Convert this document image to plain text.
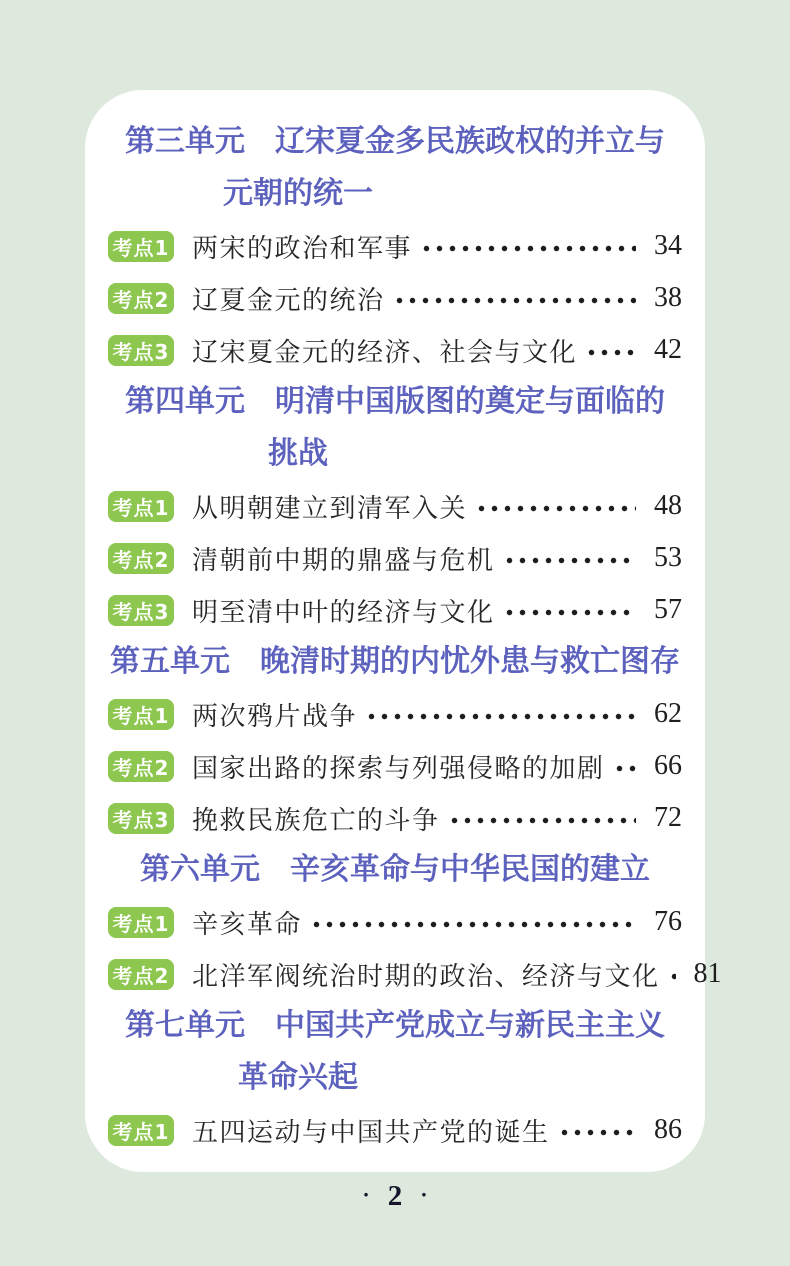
第三单元　辽宋夏金多民族政权的并立与
元朝的统一
考点1 两宋的政治和军事	34
考点2 辽夏金元的统治	38
考点3 辽宋夏金元的经济、社会与文化	42
第四单元　明清中国版图的奠定与面临的
挑战
考点1 从明朝建立到清军入关	48
考点2 清朝前中期的鼎盛与危机	53
考点3 明至清中叶的经济与文化	57
第五单元　晚清时期的内忧外患与救亡图存
考点1 两次鸦片战争	62
考点2 国家出路的探索与列强侵略的加剧 66
考点3 挽救民族危亡的斗争	72
第六单元　辛亥革命与中华民国的建立
考点1 辛亥革命	76
考点2 北洋军阀统治时期的政治、经济与文化 81
第七单元　中国共产党成立与新民主主义
革命兴起
考点1 五四运动与中国共产党的诞生	86
· 2 ·
